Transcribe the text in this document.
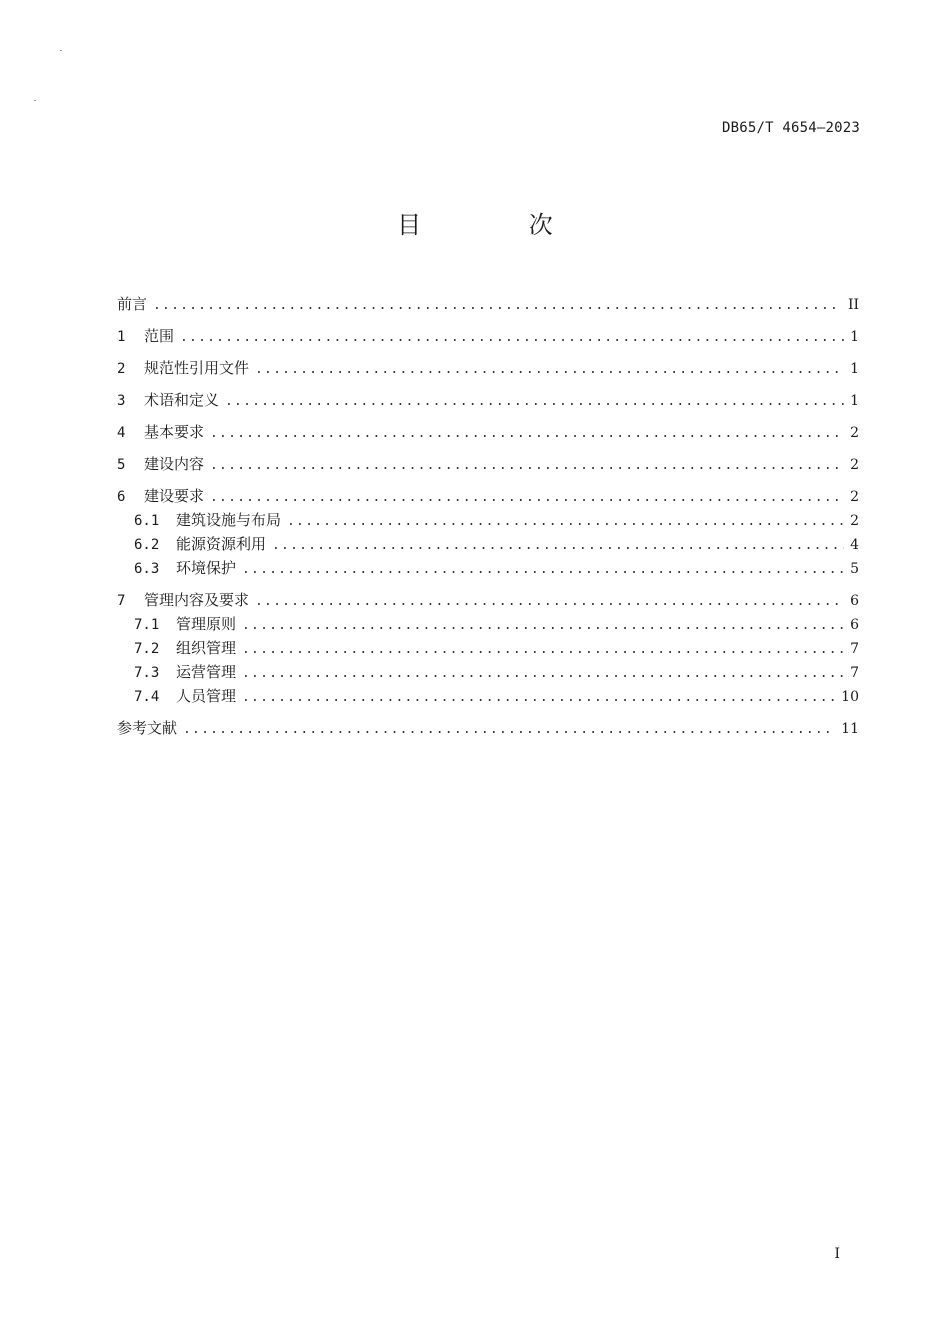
DB65/T 4654—2023
目 次
前言 .....	II
1	范围 .....	1
2	规范性引用文件 .....	1
3	术语和定义 .....	1
4	基本要求 .....	2
5	建设内容 .....	2
6	建设要求 .....	2
6.1	建筑设施与布局 .....	2
6.2	能源资源利用 .....	4
6.3	环境保护 .....	5
7	管理内容及要求 .....	6
7.1	管理原则 .....	6
7.2	组织管理 .....	7
7.3	运营管理 .....	7
7.4	人员管理 .....	10
参考文献 .....	11
I
